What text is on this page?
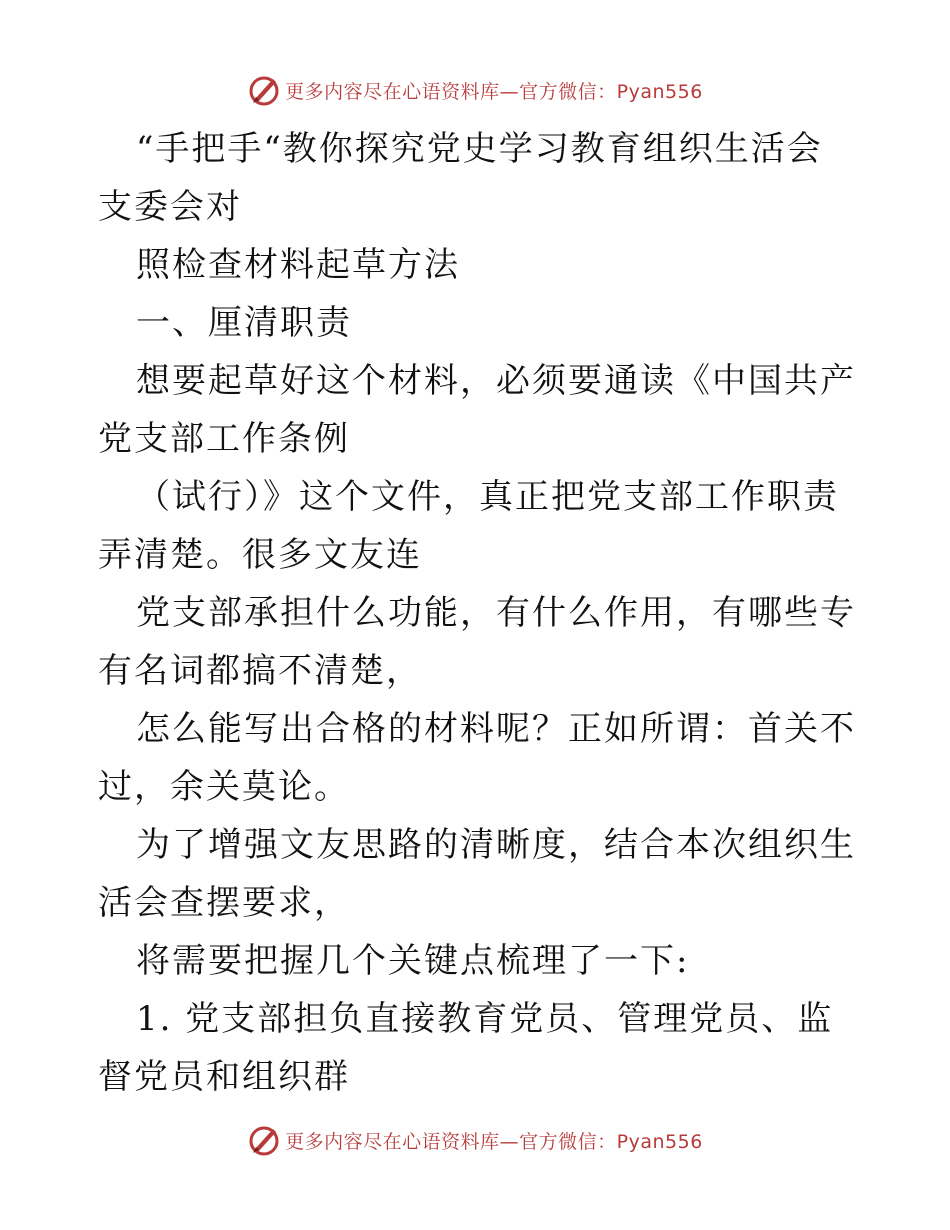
更多内容尽在心语资料库—官方微信：Pyan556

“手把手“教你探究党史学习教育组织生活会支委会对

照检查材料起草方法

一、厘清职责

想要起草好这个材料，必须要通读《中国共产党支部工作条例

（试行）》这个文件，真正把党支部工作职责弄清楚。很多文友连

党支部承担什么功能，有什么作用，有哪些专有名词都搞不清楚，

怎么能写出合格的材料呢？正如所谓：首关不过，余关莫论。

为了增强文友思路的清晰度，结合本次组织生活会查摆要求，

将需要把握几个关键点梳理了一下:

1. 党支部担负直接教育党员、管理党员、监督党员和组织群

更多内容尽在心语资料库—官方微信：Pyan556
